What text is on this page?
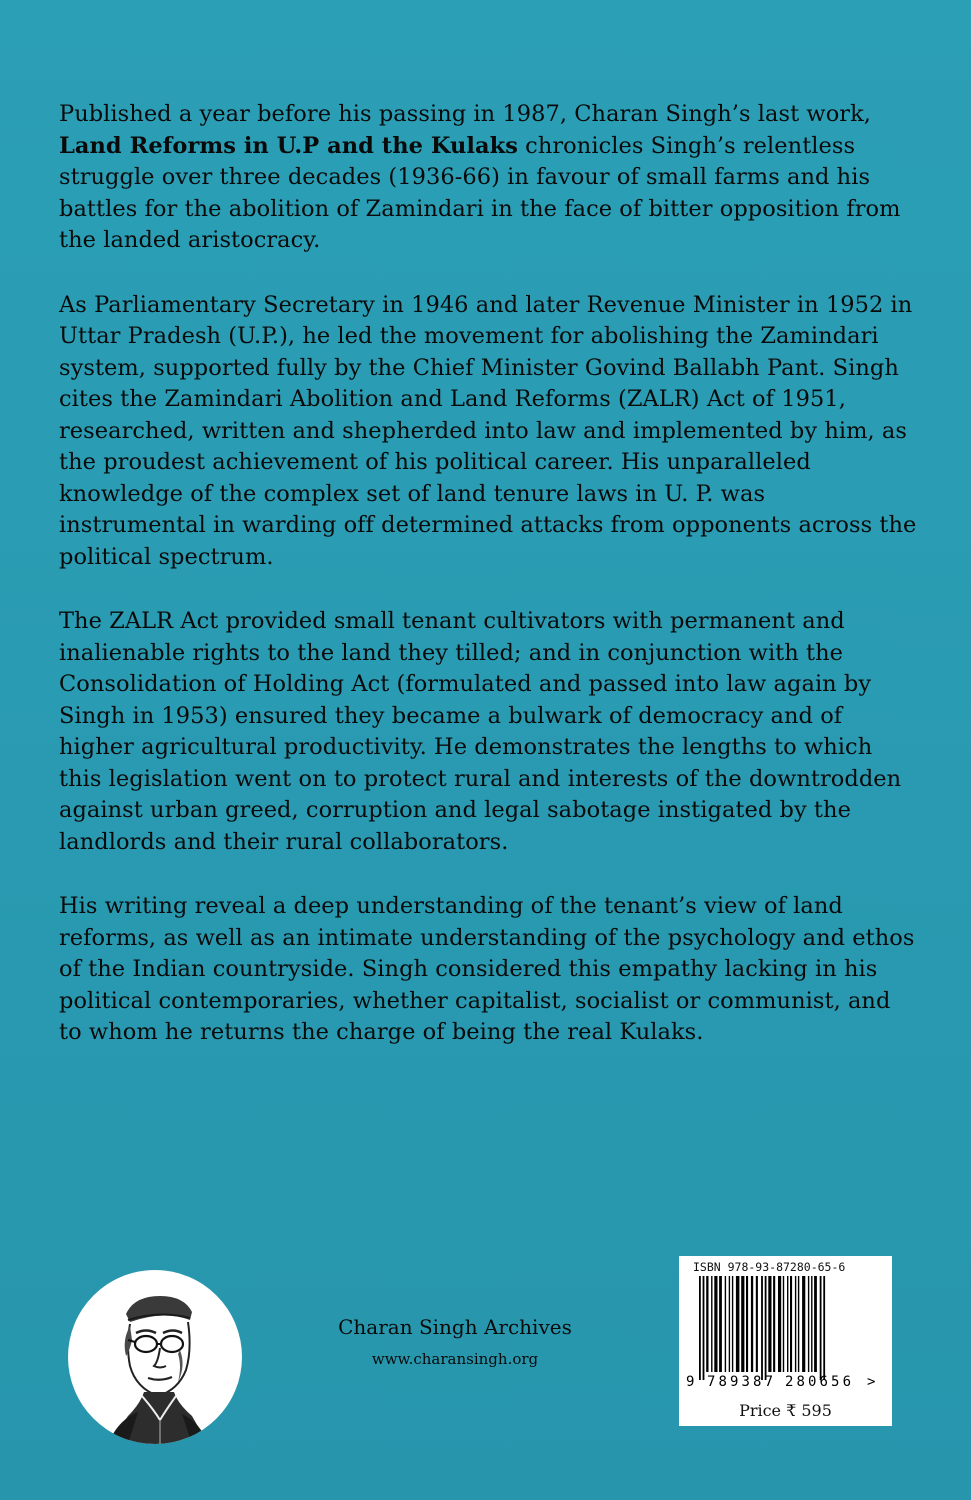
Published a year before his passing in 1987, Charan Singh’s last work, Land Reforms in U.P and the Kulaks chronicles Singh’s relentless struggle over three decades (1936-66) in favour of small farms and his battles for the abolition of Zamindari in the face of bitter opposition from the landed aristocracy.

As Parliamentary Secretary in 1946 and later Revenue Minister in 1952 in Uttar Pradesh (U.P.), he led the movement for abolishing the Zamindari system, supported fully by the Chief Minister Govind Ballabh Pant. Singh cites the Zamindari Abolition and Land Reforms (ZALR) Act of 1951, researched, written and shepherded into law and implemented by him, as the proudest achievement of his political career. His unparalleled knowledge of the complex set of land tenure laws in U. P. was instrumental in warding off determined attacks from opponents across the political spectrum.

The ZALR Act provided small tenant cultivators with permanent and inalienable rights to the land they tilled; and in conjunction with the Consolidation of Holding Act (formulated and passed into law again by Singh in 1953) ensured they became a bulwark of democracy and of higher agricultural productivity. He demonstrates the lengths to which this legislation went on to protect rural and interests of the downtrodden against urban greed, corruption and legal sabotage instigated by the landlords and their rural collaborators.

His writing reveal a deep understanding of the tenant’s view of land reforms, as well as an intimate understanding of the psychology and ethos of the Indian countryside. Singh considered this empathy lacking in his political contemporaries, whether capitalist, socialist or communist, and to whom he returns the charge of being the real Kulaks.

Charan Singh Archives
www.charansingh.org
ISBN 978-93-87280-65-6
9 789387 280656 >
Price ₹ 595
